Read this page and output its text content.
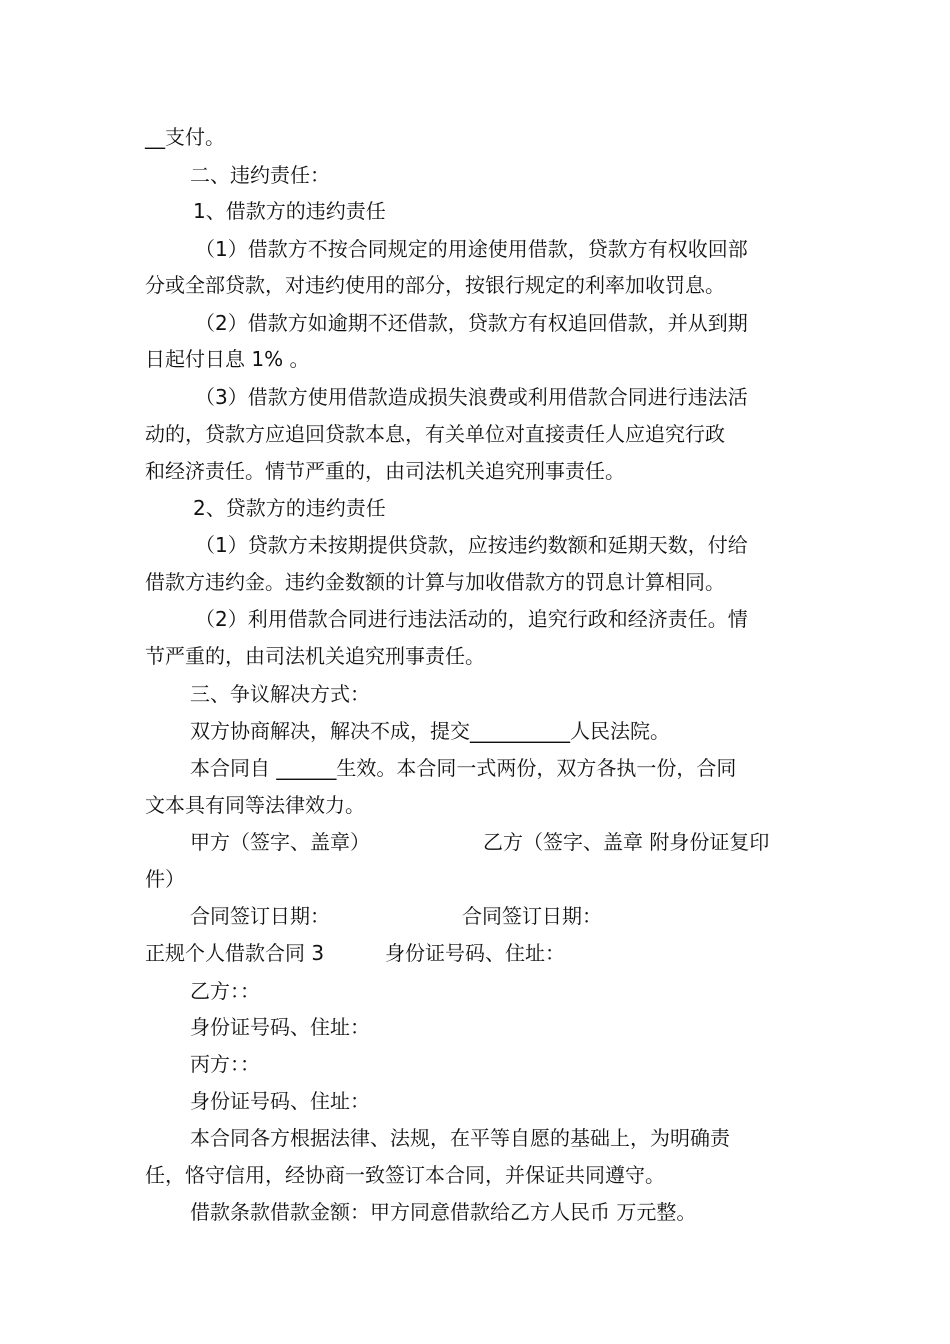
__支付。
二、违约责任：
1、借款方的违约责任
（1）借款方不按合同规定的用途使用借款，贷款方有权收回部
分或全部贷款，对违约使用的部分，按银行规定的利率加收罚息。
（2）借款方如逾期不还借款，贷款方有权追回借款，并从到期
日起付日息 1% 。
（3）借款方使用借款造成损失浪费或利用借款合同进行违法活
动的，贷款方应追回贷款本息，有关单位对直接责任人应追究行政
和经济责任。情节严重的，由司法机关追究刑事责任。
2、贷款方的违约责任
（1）贷款方未按期提供贷款，应按违约数额和延期天数，付给
借款方违约金。违约金数额的计算与加收借款方的罚息计算相同。
（2）利用借款合同进行违法活动的，追究行政和经济责任。情
节严重的，由司法机关追究刑事责任。
三、争议解决方式：
双方协商解决，解决不成，提交__________人民法院。
本合同自 ______生效。本合同一式两份，双方各执一份，合同
文本具有同等法律效力。
甲方（签字、盖章）	乙方（签字、盖章 附身份证复印
件）
合同签订日期：	合同签订日期：
正规个人借款合同 3	身份证号码、住址：
乙方：：
身份证号码、住址：
丙方：：
身份证号码、住址：
本合同各方根据法律、法规，在平等自愿的基础上，为明确责
任，恪守信用，经协商一致签订本合同，并保证共同遵守。
借款条款借款金额：甲方同意借款给乙方人民币 万元整。
